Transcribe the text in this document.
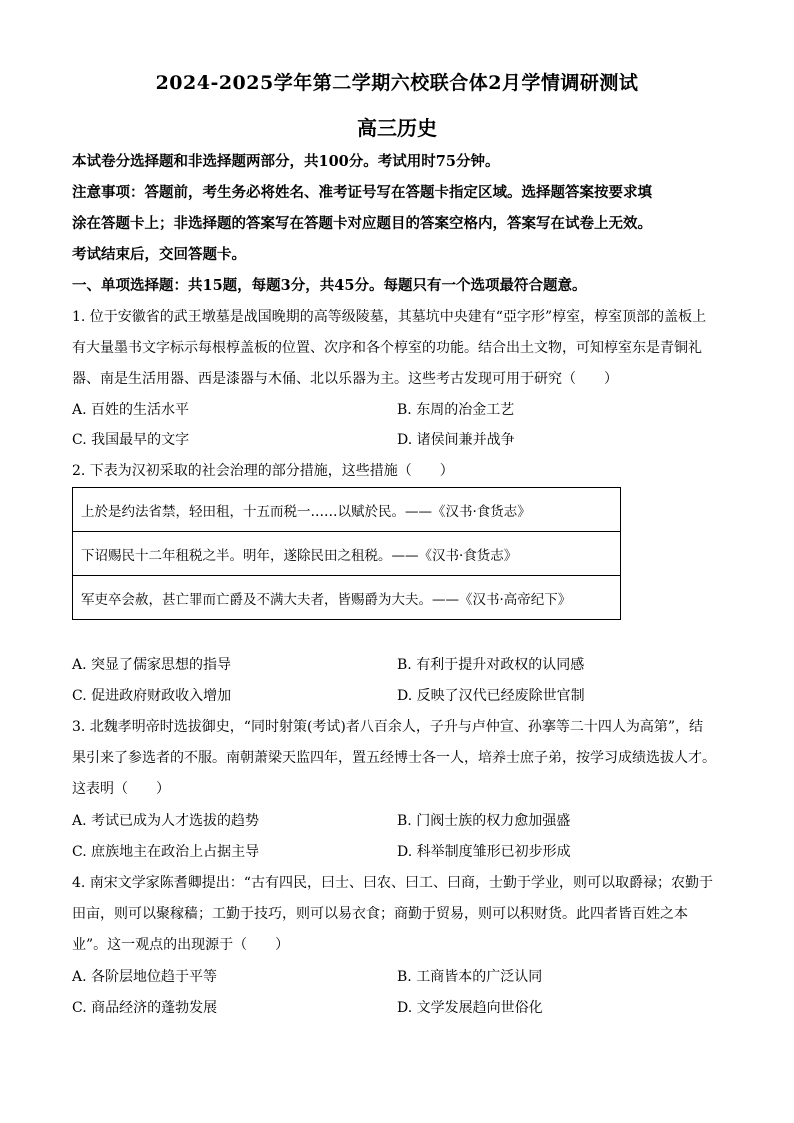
2024-2025学年第二学期六校联合体2月学情调研测试
高三历史
本试卷分选择题和非选择题两部分，共100分。考试用时75分钟。
注意事项：答题前，考生务必将姓名、准考证号写在答题卡指定区域。选择题答案按要求填
涂在答题卡上；非选择题的答案写在答题卡对应题目的答案空格内，答案写在试卷上无效。
考试结束后，交回答题卡。
一、单项选择题：共15题，每题3分，共45分。每题只有一个选项最符合题意。
1. 位于安徽省的武王墩墓是战国晚期的高等级陵墓，其墓坑中央建有“亞字形”椁室，椁室顶部的盖板上
有大量墨书文字标示每根椁盖板的位置、次序和各个椁室的功能。结合出土文物，可知椁室东是青铜礼
器、南是生活用器、西是漆器与木俑、北以乐器为主。这些考古发现可用于研究（　　）
A. 百姓的生活水平	B. 东周的冶金工艺
C. 我国最早的文字	D. 诸侯间兼并战争
2. 下表为汉初采取的社会治理的部分措施，这些措施（　　）
上於是约法省禁，轻田租，十五而税一……以赋於民。——《汉书·食货志》
下诏赐民十二年租税之半。明年，遂除民田之租税。——《汉书·食货志》
军吏卒会赦，甚亡罪而亡爵及不满大夫者，皆赐爵为大夫。——《汉书·高帝纪下》
A. 突显了儒家思想的指导	B. 有利于提升对政权的认同感
C. 促进政府财政收入增加	D. 反映了汉代已经废除世官制
3. 北魏孝明帝时选拔御史，“同时射策(考试)者八百余人，子升与卢仲宣、孙搴等二十四人为高第”，结
果引来了参选者的不服。南朝萧梁天监四年，置五经博士各一人，培养士庶子弟，按学习成绩选拔人才。
这表明（　　）
A. 考试已成为人才选拔的趋势	B. 门阀士族的权力愈加强盛
C. 庶族地主在政治上占据主导	D. 科举制度雏形已初步形成
4. 南宋文学家陈耆卿提出：“古有四民，曰士、曰农、曰工、曰商，士勤于学业，则可以取爵禄；农勤于
田亩，则可以聚稼穑；工勤于技巧，则可以易衣食；商勤于贸易，则可以积财货。此四者皆百姓之本
业”。这一观点的出现源于（　　）
A. 各阶层地位趋于平等	B. 工商皆本的广泛认同
C. 商品经济的蓬勃发展	D. 文学发展趋向世俗化
